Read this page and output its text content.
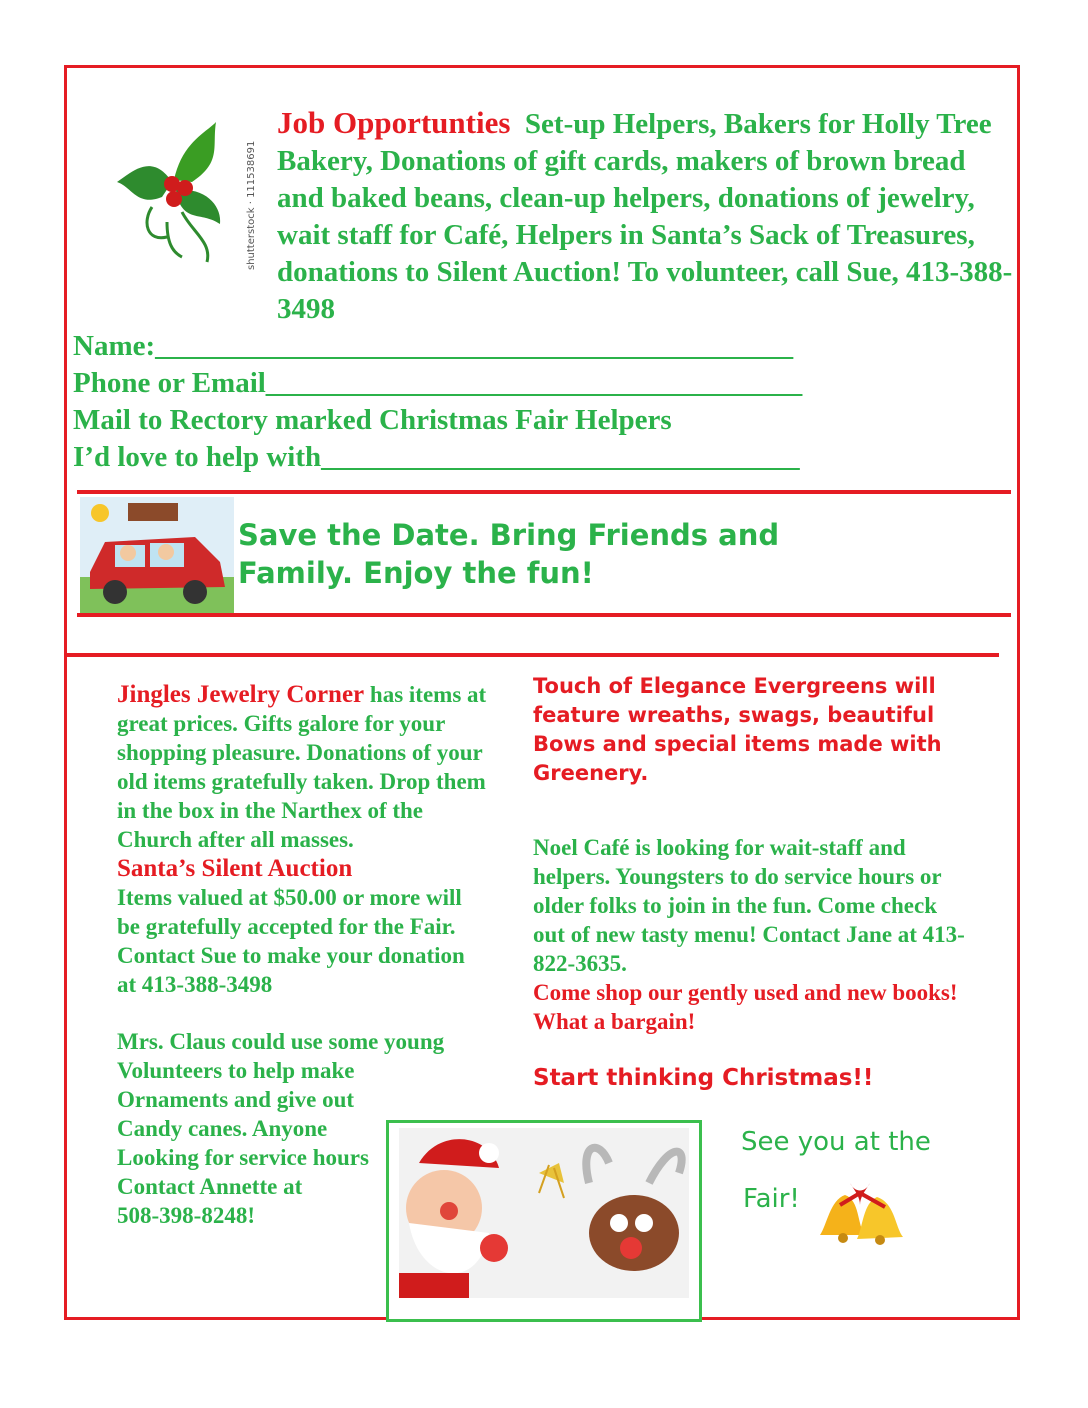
shutterstock · 111538691
Job Opportunties Set-up Helpers, Bakers for Holly Tree Bakery, Donations of gift cards, makers of brown bread and baked beans, clean-up helpers, donations of jewelry, wait staff for Café, Helpers in Santa’s Sack of Treasures, donations to Silent Auction! To volunteer, call Sue, 413-388-3498
Name:____________________________________________
Phone or Email_____________________________________
Mail to Rectory marked Christmas Fair Helpers
I’d love to help with_________________________________
Save the Date. Bring Friends and
Family. Enjoy the fun!
Jingles Jewelry Corner has items at great prices. Gifts galore for your shopping pleasure. Donations of your old items gratefully taken. Drop them in the box in the Narthex of the Church after all masses.
Santa’s Silent Auction
Items valued at $50.00 or more will be gratefully accepted for the Fair. Contact Sue to make your donation at 413-388-3498
Mrs. Claus could use some young
Volunteers to help make
Ornaments and give out
Candy canes. Anyone
Looking for service hours
Contact Annette at
508-398-8248!
Touch of Elegance Evergreens will feature wreaths, swags, beautiful Bows and special items made with Greenery.
Noel Café is looking for wait-staff and helpers. Youngsters to do service hours or older folks to join in the fun. Come check out of new tasty menu! Contact Jane at 413-822-3635.
Come shop our gently used and new books! What a bargain!
Start thinking Christmas!!
See you at the
Fair!
